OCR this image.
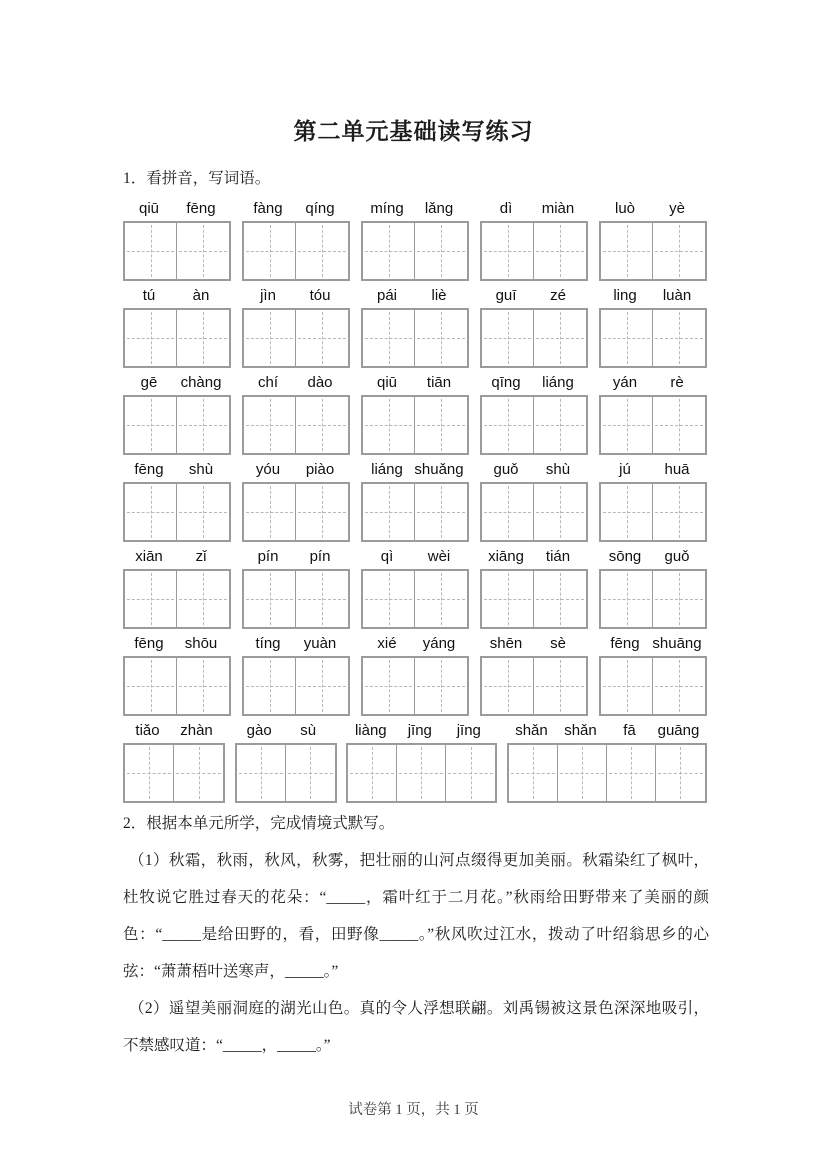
第二单元基础读写练习
1．看拼音，写词语。
qiū	fēng	fàng	qíng	míng	lǎng	dì	miàn	luò	yè
tú	àn	jìn	tóu	pái	liè	guī	zé	ling	luàn
gē	chàng	chí	dào	qiū	tiān	qīng	liáng	yán	rè
fēng	shù	yóu	piào	liáng shuǎng	guǒ	shù	jú	huā
xiān	zǐ	pín	pín	qì	wèi	xiāng	tián	sōng	guǒ
fēng	shōu	tíng	yuàn	xié	yáng	shēn	sè	fēng shuāng
tiǎo	zhàn	gào	sù	liàng	jīng	jīng	shǎn	shǎn	fā	guāng

2．根据本单元所学，完成情境式默写。

（1）秋霜，秋雨，秋风，秋雾，把壮丽的山河点缀得更加美丽。秋霜染红了枫叶，杜牧说它胜过春天的花朵：“_____，霜叶红于二月花。”秋雨给田野带来了美丽的颜色：“_____是给田野的，看，田野像_____。”秋风吹过江水，拨动了叶绍翁思乡的心弦：“萧萧梧叶送寒声，_____。”

（2）遥望美丽洞庭的湖光山色。真的令人浮想联翩。刘禹锡被这景色深深地吸引，不禁感叹道：“_____，_____。”

试卷第 1 页，共 1 页
